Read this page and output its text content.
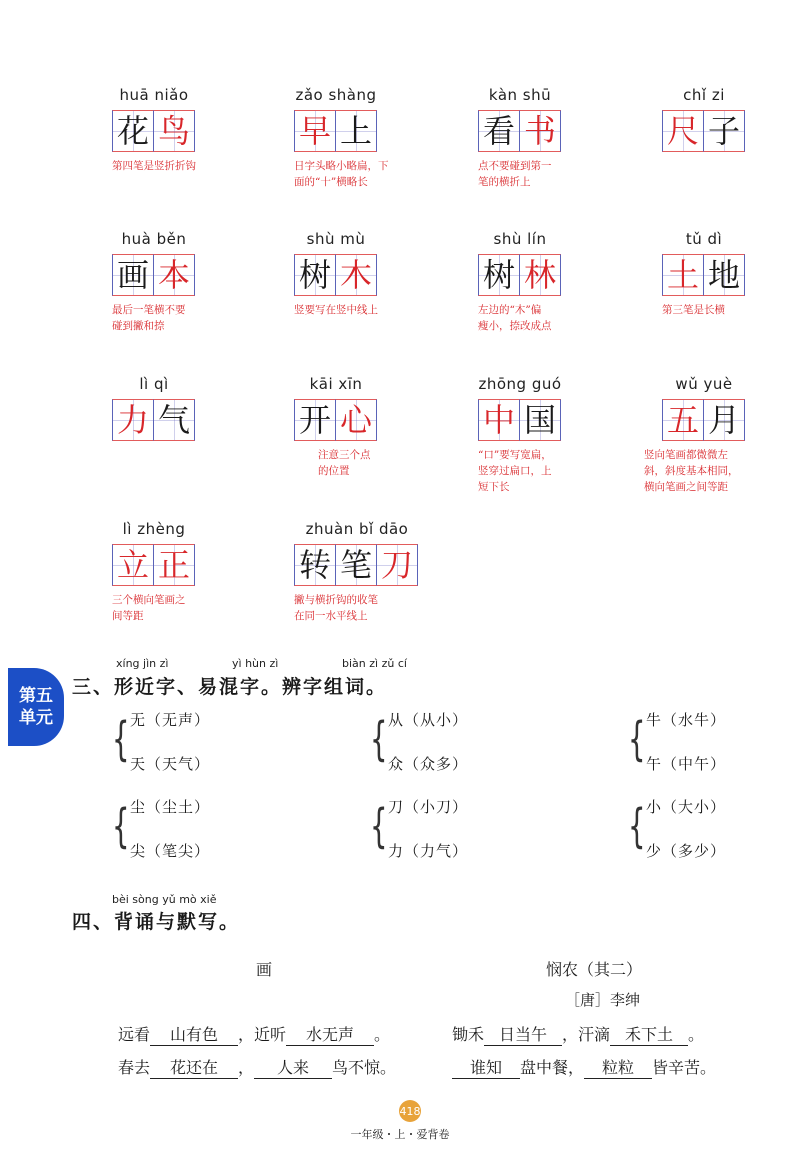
huā niǎo
花 鸟
第四笔是竖折折钩
zǎo shàng
早 上
日字头略小略扁，下
面的“十”横略长
kàn shū
看 书
点不要碰到第一
笔的横折上
chǐ zi
尺 子
huà běn
画 本
最后一笔横不要
碰到撇和捺
shù mù
树 木
竖要写在竖中线上
shù lín
树 林
左边的“木”偏
瘦小，捺改成点
tǔ dì
土 地
第三笔是长横
lì qì
力 气
kāi xīn
开 心
注意三个点
的位置
zhōng guó
中 国
“口”要写宽扁，
竖穿过扁口，上
短下长
wǔ yuè
五 月
竖向笔画都微微左
斜，斜度基本相同，
横向笔画之间等距
lì zhèng
立 正
三个横向笔画之
间等距
zhuàn bǐ dāo
转 笔 刀
撇与横折钩的收笔
在同一水平线上
第五
单元
xíng jìn zì	yì hùn zì	biàn zì zǔ cí
三、形近字、易混字。辨字组词。
{ 无（无声）
天（天气）	{ 从（从小）
众（众多）	{ 牛（水牛）
午（中午）
{ 尘（尘土）
尖（笔尖）	{ 刀（小刀）
力（力气）	{ 小（大小）
少（多少）
bèi sòng yǔ mò xiě
四、背诵与默写。
画
远看 山有色 ，近听 水无声 。
春去 花还在 ， 人来 鸟不惊。
悯农（其二）
［唐］李绅
锄禾 日当午 ，汗滴 禾下土 。
谁知 盘中餐， 粒粒 皆辛苦。
418
一年级・上・爱背卷
